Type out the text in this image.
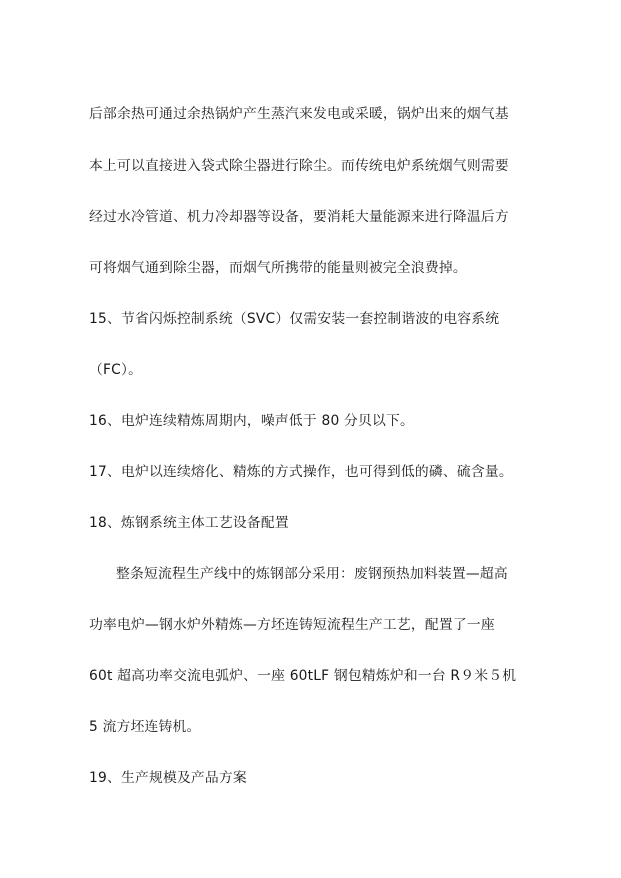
后部余热可通过余热锅炉产生蒸汽来发电或采暖，锅炉出来的烟气基
本上可以直接进入袋式除尘器进行除尘。而传统电炉系统烟气则需要
经过水冷管道、机力冷却器等设备，要消耗大量能源来进行降温后方
可将烟气通到除尘器，而烟气所携带的能量则被完全浪费掉。
15、节省闪烁控制系统（SVC）仅需安装一套控制谐波的电容系统
（FC）。
16、电炉连续精炼周期内，噪声低于 80 分贝以下。
17、电炉以连续熔化、精炼的方式操作，也可得到低的磷、硫含量。
18、炼钢系统主体工艺设备配置
整条短流程生产线中的炼钢部分采用：废钢预热加料装置—超高
功率电炉—钢水炉外精炼—方坯连铸短流程生产工艺，配置了一座
60t 超高功率交流电弧炉、一座 60tLF 钢包精炼炉和一台 R９米５机
5 流方坯连铸机。
19、生产规模及产品方案
